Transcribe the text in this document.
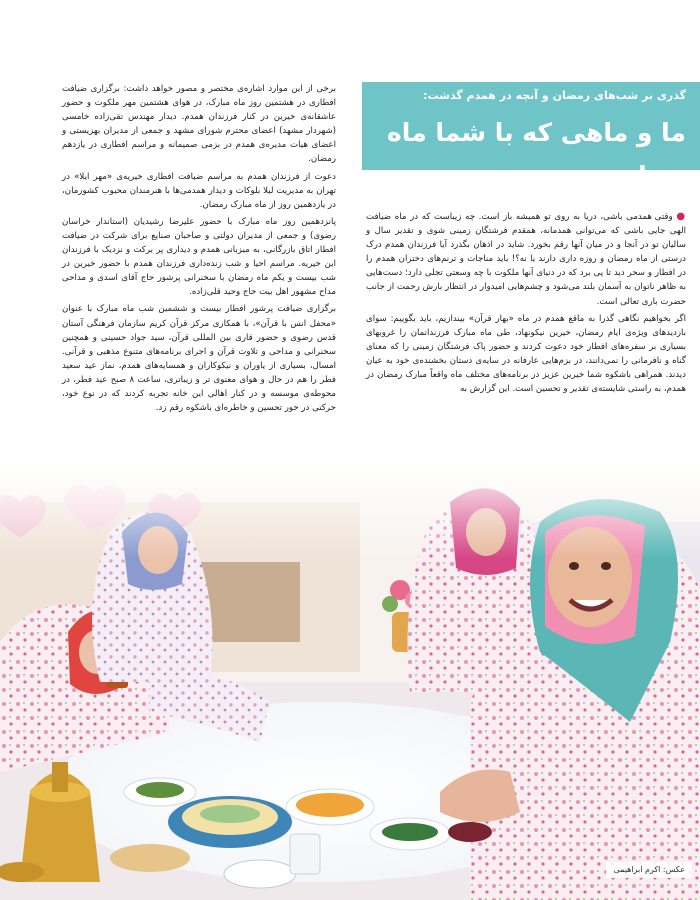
گذری بر شب‌های رمضان و آنچه در همدم گذشت:
ما و ماهی که با شما ماه بود!

● وقتی همدمی باشی، دریا به روی تو همیشه باز است. چه زیباست که در ماه ضیافت الهی جایی باشی که می‌توانی همدمانه، همقدم فرشتگان زمینی شوی و تقدیر سال و سالیان تو در آنجا و در میان آنها رقم بخورد. شاید در اذهان بگذرد آیا فرزندان همدم درک درستی از ماه رمضان و روزه داری دارند یا نه؟! باید مناجات و ترنم‌های دختران همدم را در افطار و سحر دید تا پی برد که در دنیای آنها ملکوت با چه وسعتی تجلی دارد؛ دست‌هایی به ظاهر ناتوان به آسمان بلند می‌شود و چشم‌هایی امیدوار در انتظار بارش رحمت از جانب حضرت باری تعالی است.

اگر بخواهیم نگاهی گذرا به ماقع همدم در ماه «بهار قرآن» بیندازیم، باید بگوییم: سوای بازدیدهای ویژه‌ی ایام رمضان، خیرین نیکونهاد، طی ماه مبارک فرزندانمان را غروبهای بسیاری بر سفره‌های افطار خود دعوت کردند و حضور پاک فرشتگان زمینی را که معنای گناه و نافرمانی را نمی‌دانند، در بزم‌هایی عارفانه در سایه‌ی دستان بخشنده‌ی خود به عیان دیدند. همراهی باشکوه شما خیرین عزیز در برنامه‌های مختلف ماه واقعاً مبارک رمضان در همدم، به راستی شایسته‌ی تقدیر و تحسین است. این گزارش به

برخی از این موارد اشاره‌ی مختصر و مصور خواهد داشت: برگزاری ضیافت افطاری در هشتمین روز ماه مبارک، در هوای هشتمین مهر ملکوت و حضور عاشقانه‌ی خیرین در کنار فرزندان همدم. دیدار مهندس تقی‌زاده خامسی (شهردار مشهد) اعضای محترم شورای مشهد و جمعی از مدیران بهزیستی و اعضای هیات مدیره‌ی همدم در بزمی صمیمانه و مراسم افطاری در یازدهم رمضان.

دعوت از فرزندان همدم به مراسم ضیافت افطاری خیریه‌ی «مهر ایلا» در تهران به مدیریت لیلا بلوکات و دیدار همدمی‌ها با هنرمندان محبوب کشورمان، در یازدهمین روز از ماه مبارک رمضان.

پانزدهمین روز ماه مبارک با حضور علیرضا رشیدیان (استاندار خراسان رضوی) و جمعی از مدیران دولتی و صاحبان صنایع برای شرکت در ضیافت افطار اتاق بازرگانی، به میزبانی همدم و دیداری پر برکت و نزدیک با فرزندان این خیریه. مراسم احیا و شب زنده‌داری فرزندان همدم با حضور خیرین در شب بیست و یکم ماه رمضان با سخنرانی پرشور حاج آقای اسدی و مداحی مداح مشهور اهل بیت حاج وحید قلی‌زاده.

برگزاری ضیافت پرشور افطار بیست و ششمین شب ماه مبارک با عنوان «محفل انس با قرآن»، با همکاری مرکز قرآن کریم سازمان فرهنگی آستان قدس رضوی و حضور قاری بین المللی قرآن، سید جواد حسینی و همچنین سخنرانی و مداحی و تلاوت قرآن و اجرای برنامه‌های متنوع مذهبی و قرآنی. امسال، بسیاری از یاوران و نیکوکاران و همسایه‌های همدم، نماز عید سعید فطر را هم در حال و هوای معنوی تر و زیباتری، ساعت ۸ صبح عید فطر، در محوطه‌ی موسسه و در کنار اهالی این خانه تجربه کردند که در نوع خود، حرکتی در خور تحسین و خاطره‌ای باشکوه رقم زد.

عکس: اکرم ابراهیمی
